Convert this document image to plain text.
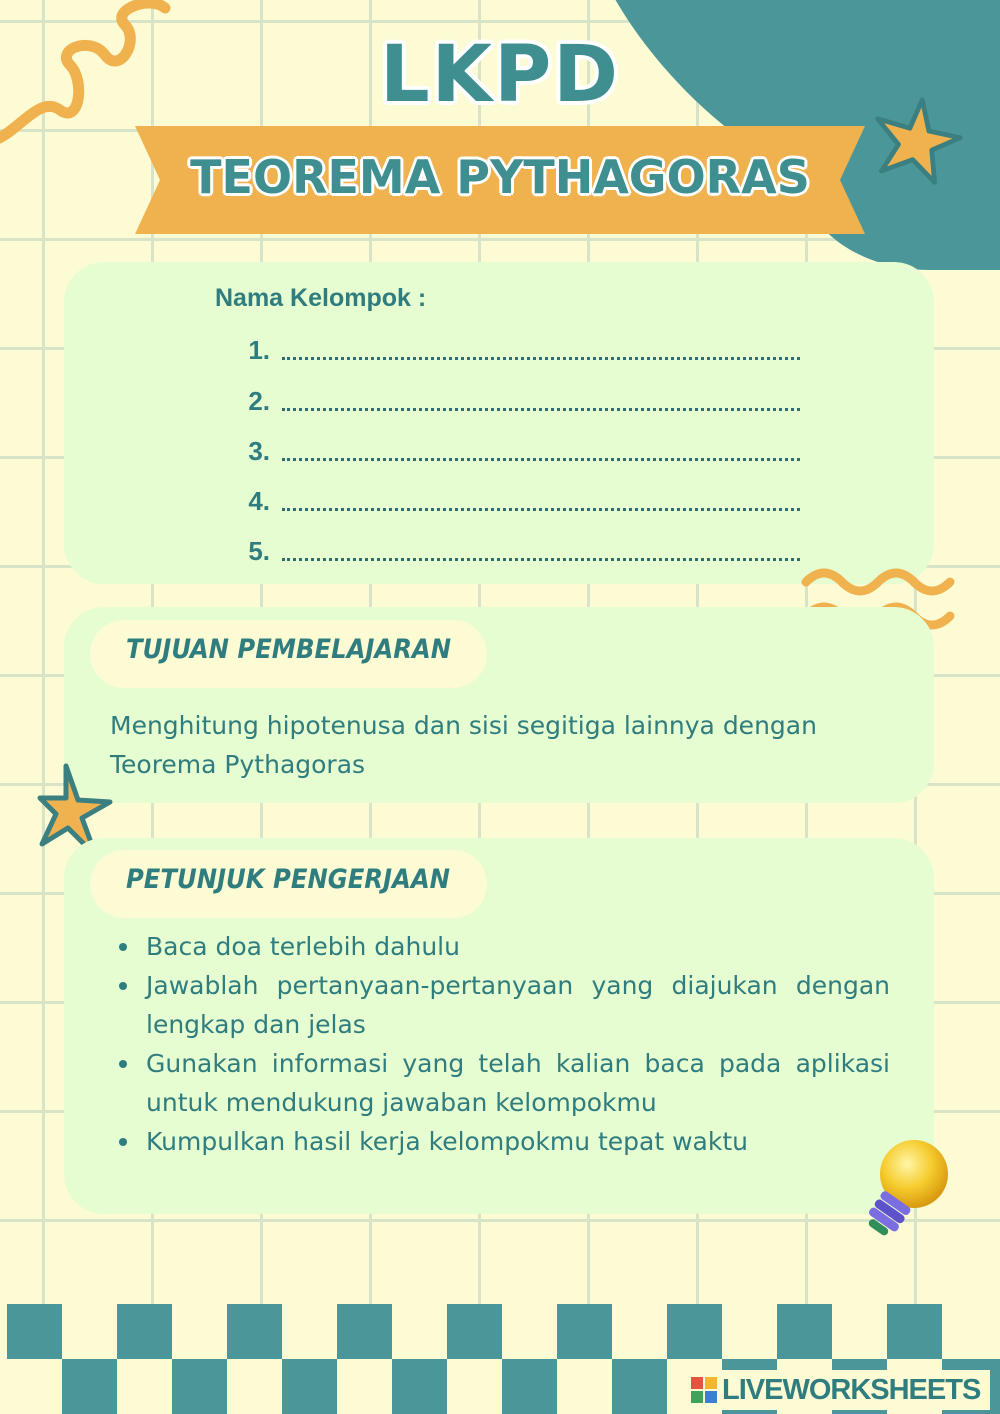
LKPD
TEOREMA PYTHAGORAS
Nama Kelompok :
1.
2.
3.
4.
5.
TUJUAN PEMBELAJARAN
Menghitung hipotenusa dan sisi segitiga lainnya dengan Teorema Pythagoras
PETUNJUK PENGERJAAN
Baca doa terlebih dahulu
Jawablah pertanyaan-pertanyaan yang diajukan dengan lengkap dan jelas
Gunakan informasi yang telah kalian baca pada aplikasi untuk mendukung jawaban kelompokmu
Kumpulkan hasil kerja kelompokmu tepat waktu
LIVEWORKSHEETS
